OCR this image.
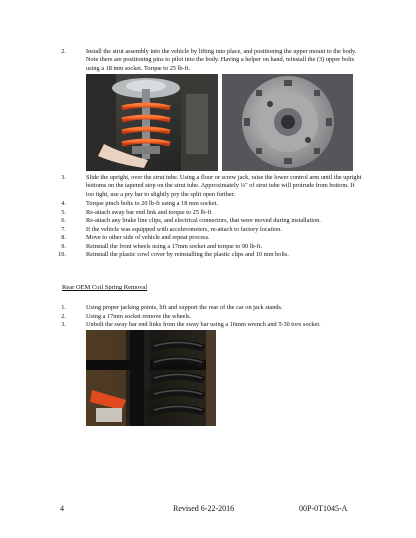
2.	Install the strut assembly into the vehicle by lifting into place, and positioning the upper mount to the body. Note there are positioning pins to pilot into the body. Having a helper on hand, reinstall the (3) upper bolts using a 18 mm socket. Torque to 25 lb-ft.
3.	Slide the upright, over the strut tube. Using a floor or screw jack, raise the lower control arm until the upright bottoms on the tapered stop on the strut tube. Approximately ¼" of strut tube will protrude from bottom. If too tight, use a pry bar to slightly pry the split open further.
4.	Torque pinch bolts to 20 lb-ft using a 18 mm socket.
5.	Re-attach sway bar end link and torque to 25 lb-ft
6.	Re-attach any brake line clips, and electrical connectors, that were moved during installation.
7.	If the vehicle was equipped with accelerometers, re-attach to factory location.
8.	Move to other side of vehicle and repeat process.
9.	Reinstall the front wheels using a 17mm socket and torque to 90 lb-ft.
10.	Reinstall the plastic cowl cover by reinstalling the plastic clips and 10 mm bolts.
Rear OEM Coil Spring Removal
1.	Using proper jacking points, lift and support the rear of the car on jack stands.
2.	Using a 17mm socket remove the wheels.
3.	Unbolt the sway bar end links from the sway bar using a 16mm wrench and T-30 torx socket.
4	Revised 6-22-2016	00P-0T1045-A
